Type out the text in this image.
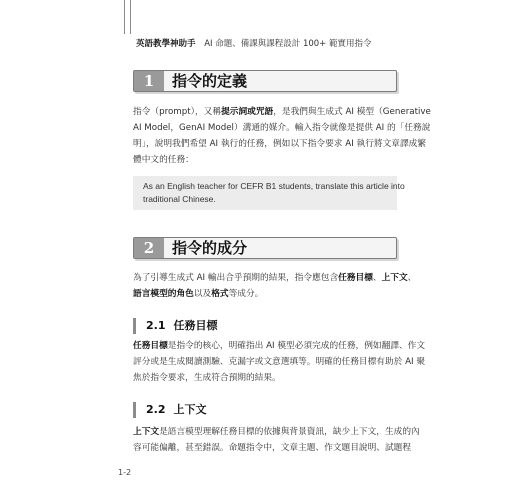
英語教學神助手 AI 命題、備課與課程設計 100+ 範實用指令
1	指令的定義
指令（prompt），又稱提示詞或咒語，是我們與生成式 AI 模型（Generative
AI Model，GenAI Model）溝通的媒介。輸入指令就像是提供 AI 的「任務說
明」，說明我們希望 AI 執行的任務，例如以下指令要求 AI 執行將文章譯成繁
體中文的任務：
As an English teacher for CEFR B1 students, translate this article into
traditional Chinese.
2	指令的成分
為了引導生成式 AI 輸出合乎預期的結果，指令應包含任務目標、上下文、
語言模型的角色以及格式等成分。
2.1 任務目標
任務目標是指令的核心，明確指出 AI 模型必須完成的任務，例如翻譯、作文
評分或是生成閱讀測驗、克漏字或文意選填等。明確的任務目標有助於 AI 聚
焦於指令要求，生成符合預期的結果。
2.2 上下文
上下文是語言模型理解任務目標的依據與背景資訊，缺少上下文，生成的內
容可能偏離，甚至錯誤。命題指令中，文章主題、作文題目說明、試題程
1-2
